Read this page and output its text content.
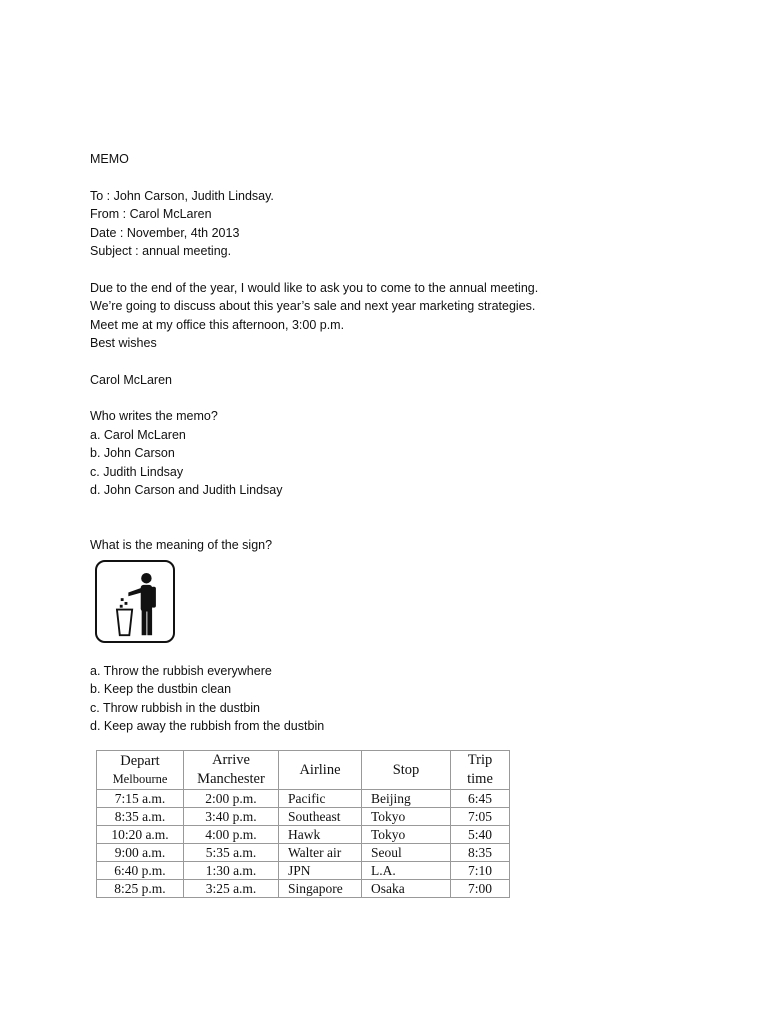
MEMO

To : John Carson, Judith Lindsay.

From : Carol McLaren

Date : November, 4th 2013

Subject : annual meeting.

Due to the end of the year, I would like to ask you to come to the annual meeting.

We’re going to discuss about this year’s sale and next year marketing strategies.

Meet me at my office this afternoon, 3:00 p.m.

Best wishes

Carol McLaren

Who writes the memo?

a. Carol McLaren

b. John Carson

c. Judith Lindsay

d. John Carson and Judith Lindsay

What is the meaning of the sign?

a. Throw the rubbish everywhere

b. Keep the dustbin clean

c. Throw rubbish in the dustbin

d. Keep away the rubbish from the dustbin

Depart
Melbourne	Arrive
Manchester	Airline	Stop	Trip
time

7:15 a.m.	2:00 p.m.	Pacific	Beijing	6:45
8:35 a.m.	3:40 p.m.	Southeast	Tokyo	7:05
10:20 a.m.	4:00 p.m.	Hawk	Tokyo	5:40
9:00 a.m.	5:35 a.m.	Walter air	Seoul	8:35
6:40 p.m.	1:30 a.m.	JPN	L.A.	7:10
8:25 p.m.	3:25 a.m.	Singapore	Osaka	7:00
